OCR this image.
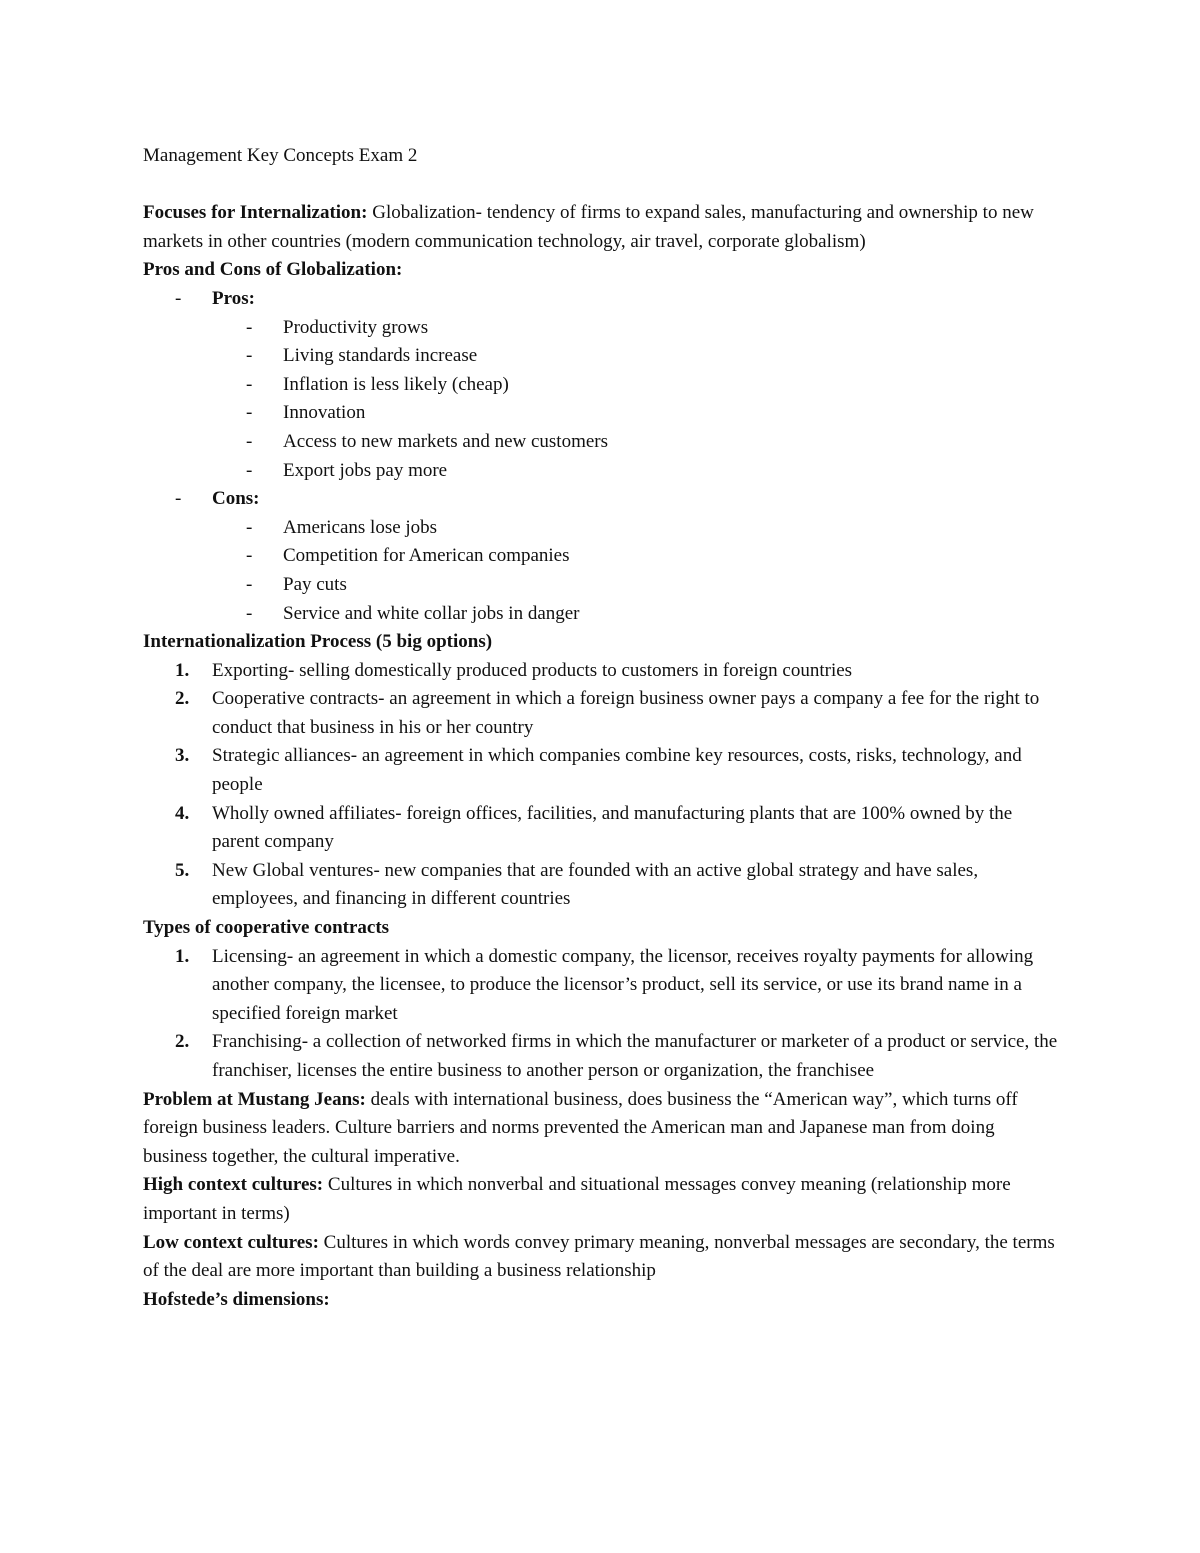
Management Key Concepts Exam 2

Focuses for Internalization: Globalization- tendency of firms to expand sales, manufacturing and ownership to new markets in other countries (modern communication technology, air travel, corporate globalism)

Pros and Cons of Globalization:
- Pros:
- Productivity grows
- Living standards increase
- Inflation is less likely (cheap)
- Innovation
- Access to new markets and new customers
- Export jobs pay more
- Cons:
- Americans lose jobs
- Competition for American companies
- Pay cuts
- Service and white collar jobs in danger
Internationalization Process (5 big options)
1. Exporting- selling domestically produced products to customers in foreign countries
2. Cooperative contracts- an agreement in which a foreign business owner pays a company a fee for the right to conduct that business in his or her country
3. Strategic alliances- an agreement in which companies combine key resources, costs, risks, technology, and people
4. Wholly owned affiliates- foreign offices, facilities, and manufacturing plants that are 100% owned by the parent company
5. New Global ventures- new companies that are founded with an active global strategy and have sales, employees, and financing in different countries
Types of cooperative contracts
1. Licensing- an agreement in which a domestic company, the licensor, receives royalty payments for allowing another company, the licensee, to produce the licensor’s product, sell its service, or use its brand name in a specified foreign market
2. Franchising- a collection of networked firms in which the manufacturer or marketer of a product or service, the franchiser, licenses the entire business to another person or organization, the franchisee

Problem at Mustang Jeans: deals with international business, does business the “American way”, which turns off foreign business leaders. Culture barriers and norms prevented the American man and Japanese man from doing business together, the cultural imperative.

High context cultures: Cultures in which nonverbal and situational messages convey meaning (relationship more important in terms)

Low context cultures: Cultures in which words convey primary meaning, nonverbal messages are secondary, the terms of the deal are more important than building a business relationship

Hofstede’s dimensions:
